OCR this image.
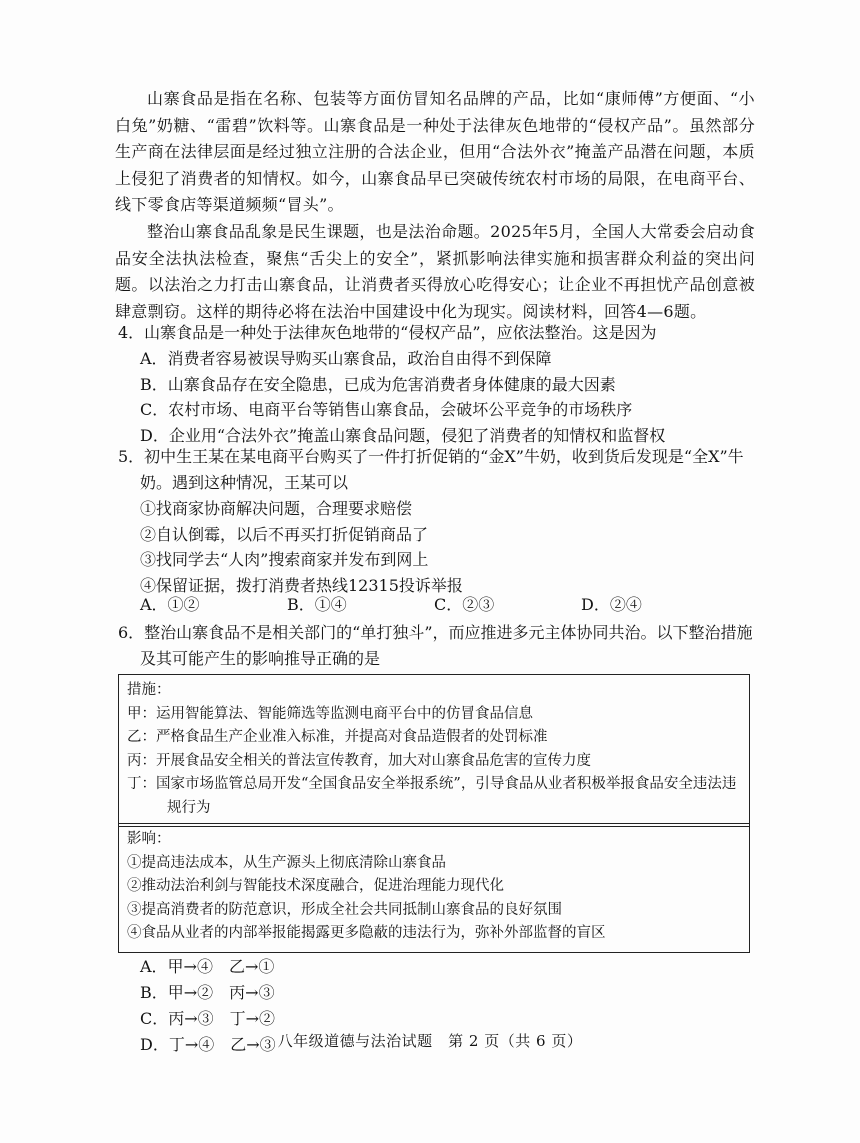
山寨食品是指在名称、包装等方面仿冒知名品牌的产品，比如“康师傅”方便面、“小白兔”奶糖、“雷碧”饮料等。山寨食品是一种处于法律灰色地带的“侵权产品”。虽然部分生产商在法律层面是经过独立注册的合法企业，但用“合法外衣”掩盖产品潜在问题，本质上侵犯了消费者的知情权。如今，山寨食品早已突破传统农村市场的局限，在电商平台、线下零食店等渠道频频“冒头”。

整治山寨食品乱象是民生课题，也是法治命题。2025年5月，全国人大常委会启动食品安全法执法检查，聚焦“舌尖上的安全”，紧抓影响法律实施和损害群众利益的突出问题。以法治之力打击山寨食品，让消费者买得放心吃得安心；让企业不再担忧产品创意被肆意剽窃。这样的期待必将在法治中国建设中化为现实。阅读材料，回答4—6题。

4．山寨食品是一种处于法律灰色地带的“侵权产品”，应依法整治。这是因为
A．消费者容易被误导购买山寨食品，政治自由得不到保障
B．山寨食品存在安全隐患，已成为危害消费者身体健康的最大因素
C．农村市场、电商平台等销售山寨食品，会破坏公平竞争的市场秩序
D．企业用“合法外衣”掩盖山寨食品问题，侵犯了消费者的知情权和监督权
5．初中生王某在某电商平台购买了一件打折促销的“金X”牛奶，收到货后发现是“全X”牛奶。遇到这种情况，王某可以
①找商家协商解决问题，合理要求赔偿
②自认倒霉，以后不再买打折促销商品了
③找同学去“人肉”搜索商家并发布到网上
④保留证据，拨打消费者热线12315投诉举报
A．①②	B．①④	C．②③	D．②④
6．整治山寨食品不是相关部门的“单打独斗”，而应推进多元主体协同共治。以下整治措施及其可能产生的影响推导正确的是
措施：
甲：运用智能算法、智能筛选等监测电商平台中的仿冒食品信息
乙：严格食品生产企业准入标准，并提高对食品造假者的处罚标准
丙：开展食品安全相关的普法宣传教育，加大对山寨食品危害的宣传力度
丁：国家市场监管总局开发“全国食品安全举报系统”，引导食品从业者积极举报食品安全违法违规行为
影响：
①提高违法成本，从生产源头上彻底清除山寨食品
②推动法治利剑与智能技术深度融合，促进治理能力现代化
③提高消费者的防范意识，形成全社会共同抵制山寨食品的良好氛围
④食品从业者的内部举报能揭露更多隐蔽的违法行为，弥补外部监督的盲区
A．甲→④　乙→①
B．甲→②　丙→③
C．丙→③　丁→②
D．丁→④　乙→③ 八年级道德与法治试题　第 2 页（共 6 页）
